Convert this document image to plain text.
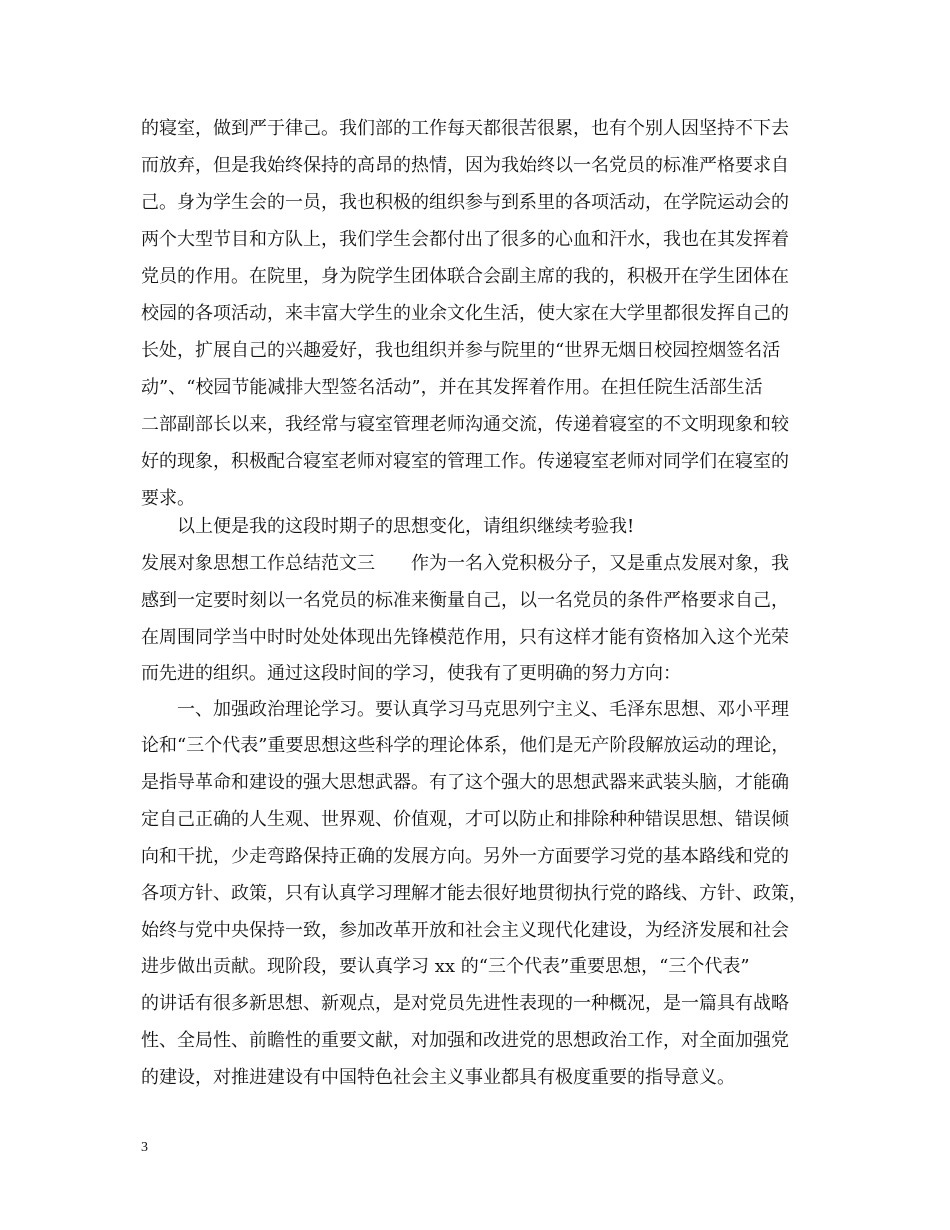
的寝室，做到严于律己。我们部的工作每天都很苦很累，也有个别人因坚持不下去
而放弃，但是我始终保持的高昂的热情，因为我始终以一名党员的标准严格要求自
己。身为学生会的一员，我也积极的组织参与到系里的各项活动，在学院运动会的
两个大型节目和方队上，我们学生会都付出了很多的心血和汗水，我也在其发挥着
党员的作用。在院里，身为院学生团体联合会副主席的我的，积极开在学生团体在
校园的各项活动，来丰富大学生的业余文化生活，使大家在大学里都很发挥自己的
长处，扩展自己的兴趣爱好，我也组织并参与院里的“世界无烟日校园控烟签名活
动”、“校园节能减排大型签名活动”，并在其发挥着作用。在担任院生活部生活
二部副部长以来，我经常与寝室管理老师沟通交流，传递着寝室的不文明现象和较
好的现象，积极配合寝室老师对寝室的管理工作。传递寝室老师对同学们在寝室的
要求。
　　以上便是我的这段时期子的思想变化，请组织继续考验我!
发展对象思想工作总结范文三　　作为一名入党积极分子，又是重点发展对象，我
感到一定要时刻以一名党员的标准来衡量自己，以一名党员的条件严格要求自己，
在周围同学当中时时处处体现出先锋模范作用，只有这样才能有资格加入这个光荣
而先进的组织。通过这段时间的学习，使我有了更明确的努力方向：
　　一、加强政治理论学习。要认真学习马克思列宁主义、毛泽东思想、邓小平理
论和“三个代表”重要思想这些科学的理论体系，他们是无产阶段解放运动的理论，
是指导革命和建设的强大思想武器。有了这个强大的思想武器来武装头脑，才能确
定自己正确的人生观、世界观、价值观，才可以防止和排除种种错误思想、错误倾
向和干扰，少走弯路保持正确的发展方向。另外一方面要学习党的基本路线和党的
各项方针、政策，只有认真学习理解才能去很好地贯彻执行党的路线、方针、政策，
始终与党中央保持一致，参加改革开放和社会主义现代化建设，为经济发展和社会
进步做出贡献。现阶段，要认真学习 xx 的“三个代表”重要思想，“三个代表”
的讲话有很多新思想、新观点，是对党员先进性表现的一种概况，是一篇具有战略
性、全局性、前瞻性的重要文献，对加强和改进党的思想政治工作，对全面加强党
的建设，对推进建设有中国特色社会主义事业都具有极度重要的指导意义。
3
